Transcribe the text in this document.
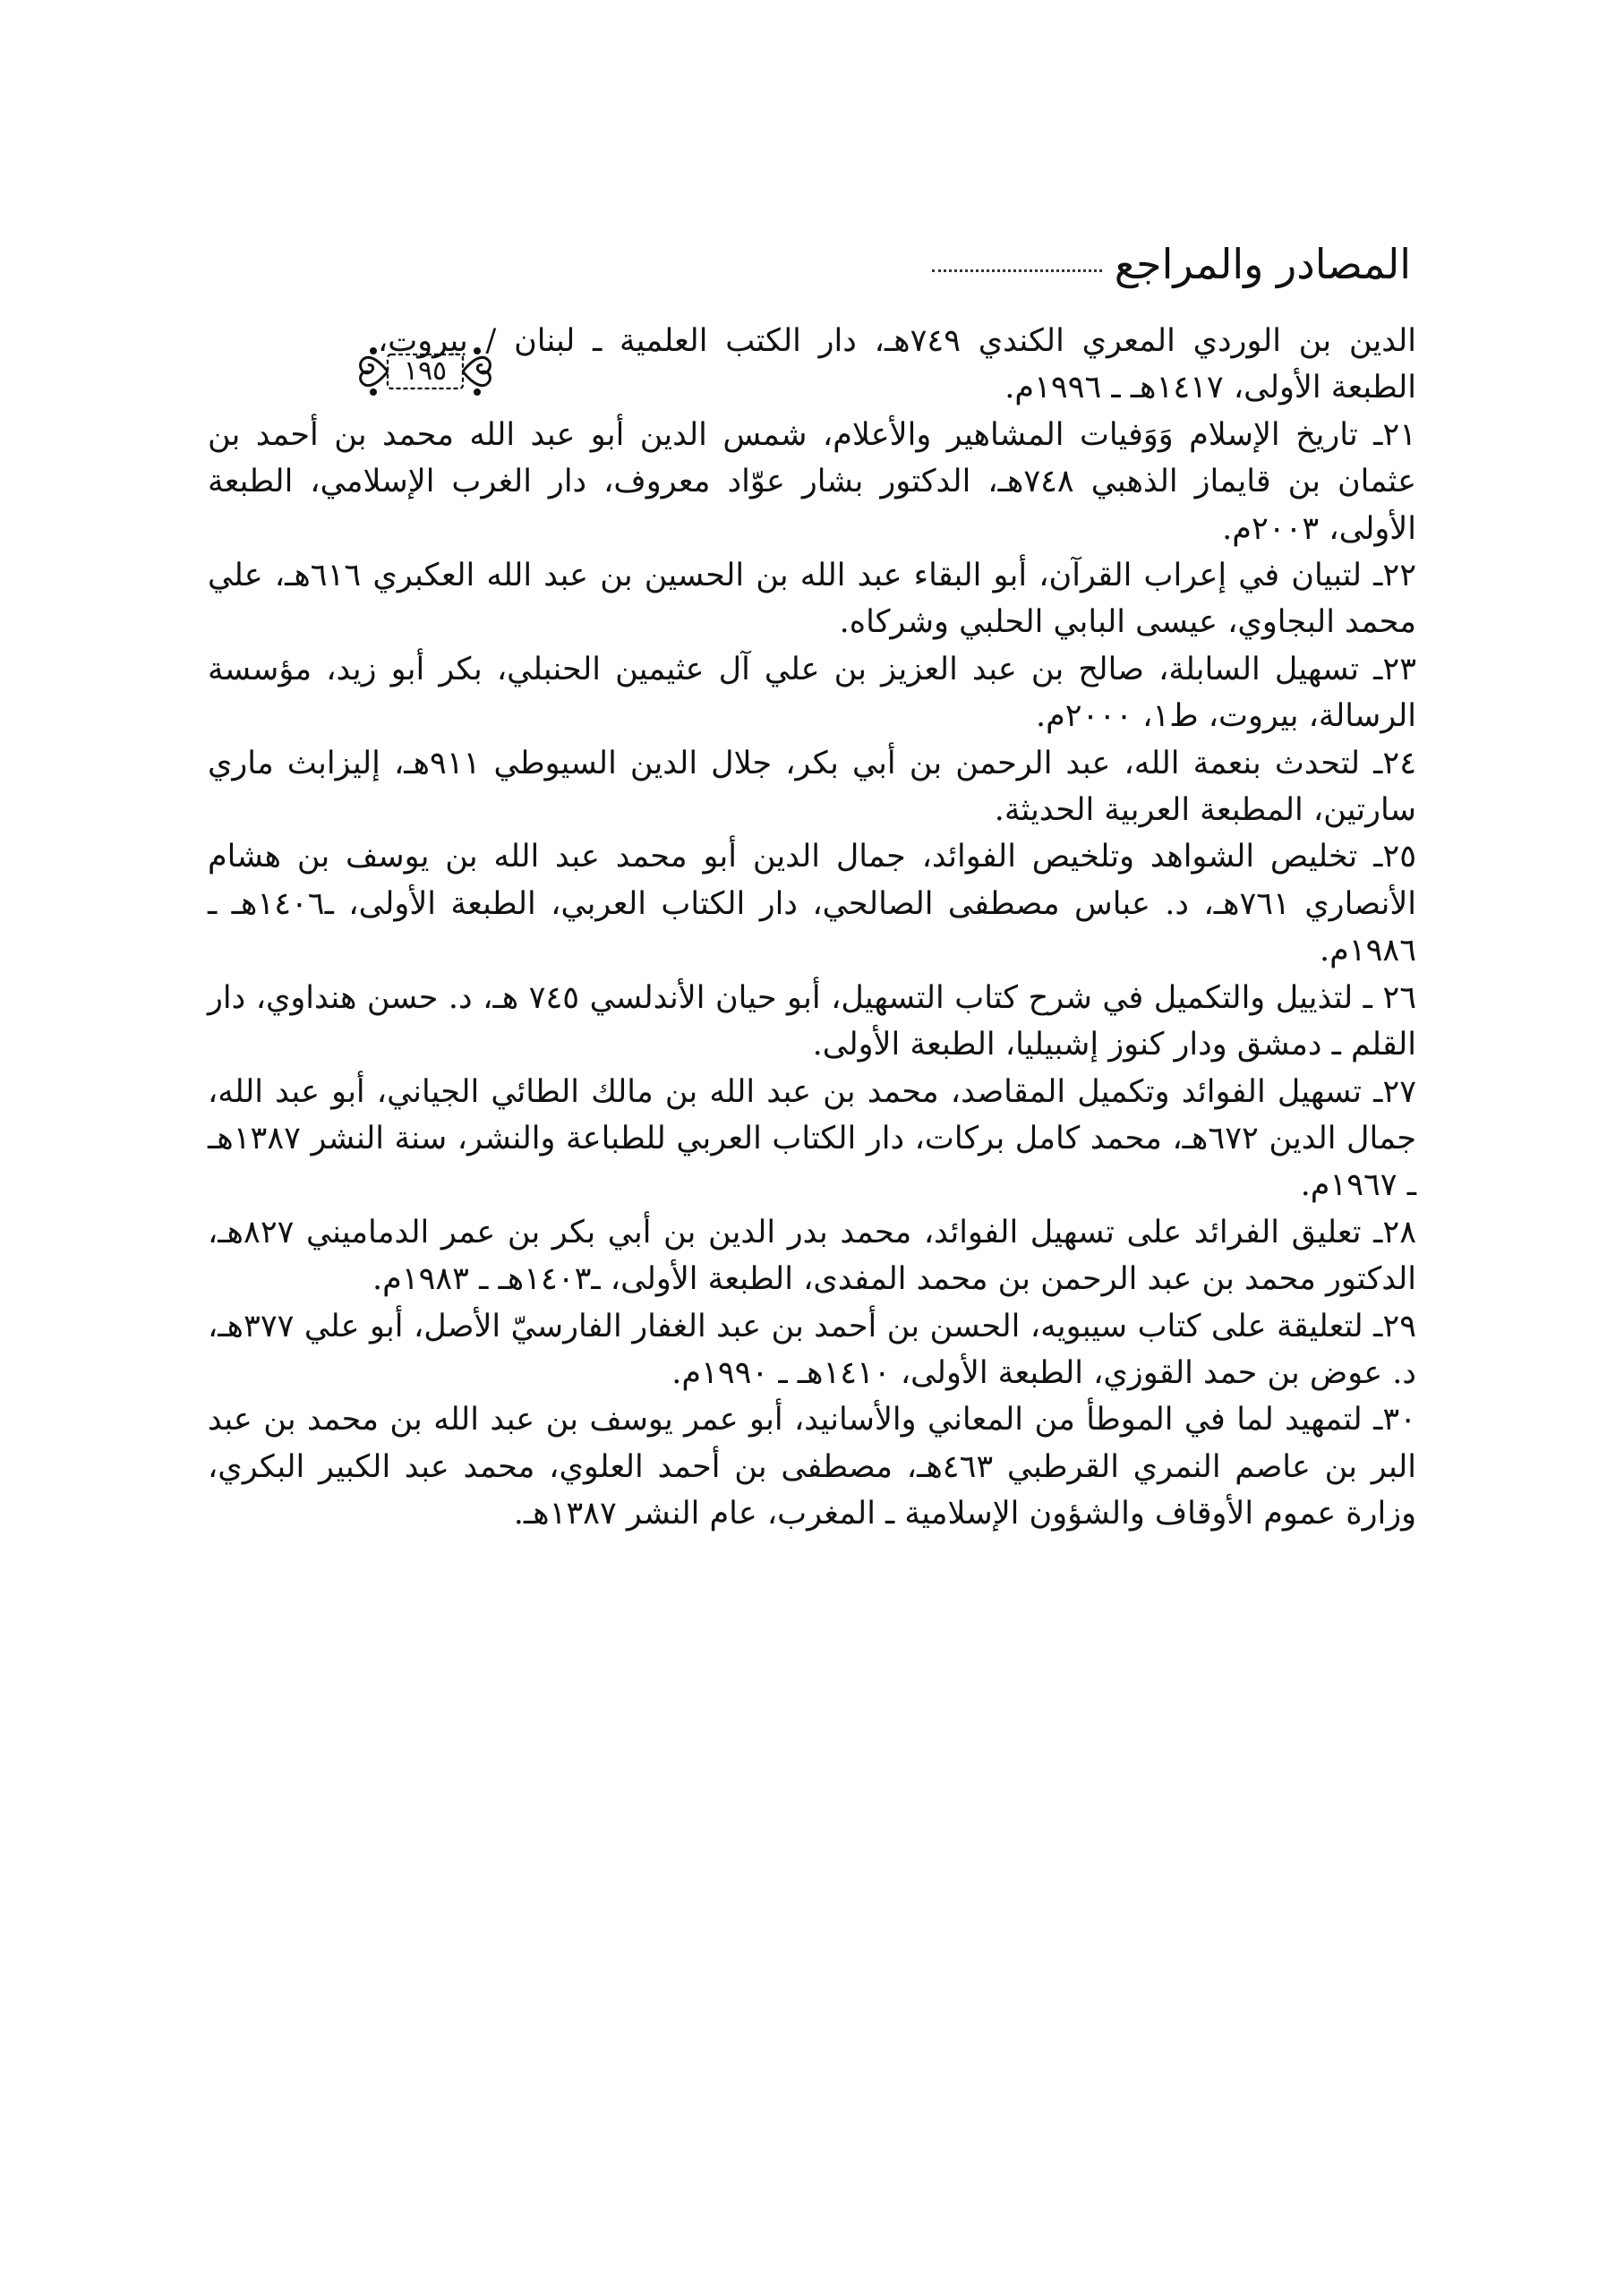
المصادر والمراجع
١٩٥

الدين بن الوردي المعري الكندي ٧٤٩هـ، دار الكتب العلمية ـ لبنان / بيروت، الطبعة الأولى، ١٤١٧هـ ـ ١٩٩٦م.

٢١ـ تاريخ الإسلام وَوَفيات المشاهير والأعلام، شمس الدين أبو عبد الله محمد بن أحمد بن عثمان بن قايماز الذهبي ٧٤٨هـ، الدكتور بشار عوّاد معروف، دار الغرب الإسلامي، الطبعة الأولى، ٢٠٠٣م.

٢٢ـ لتبيان في إعراب القرآن، أبو البقاء عبد الله بن الحسين بن عبد الله العكبري ٦١٦هـ، علي محمد البجاوي، عيسى البابي الحلبي وشركاه.

٢٣ـ تسهيل السابلة، صالح بن عبد العزيز بن علي آل عثيمين الحنبلي، بكر أبو زيد، مؤسسة الرسالة، بيروت، ط١، ٢٠٠٠م.

٢٤ـ لتحدث بنعمة الله، عبد الرحمن بن أبي بكر، جلال الدين السيوطي ٩١١هـ، إليزابث ماري سارتين، المطبعة العربية الحديثة.

٢٥ـ تخليص الشواهد وتلخيص الفوائد، جمال الدين أبو محمد عبد الله بن يوسف بن هشام الأنصاري ٧٦١هـ، د. عباس مصطفى الصالحي، دار الكتاب العربي، الطبعة الأولى، ـ١٤٠٦هـ ـ ١٩٨٦م.

٢٦ ـ لتذييل والتكميل في شرح كتاب التسهيل، أبو حيان الأندلسي ٧٤٥ هـ، د. حسن هنداوي، دار القلم ـ دمشق ودار كنوز إشبيليا، الطبعة الأولى.

٢٧ـ تسهيل الفوائد وتكميل المقاصد، محمد بن عبد الله بن مالك الطائي الجياني، أبو عبد الله، جمال الدين ٦٧٢هـ، محمد كامل بركات، دار الكتاب العربي للطباعة والنشر، سنة النشر ١٣٨٧هـ ـ ١٩٦٧م.

٢٨ـ تعليق الفرائد على تسهيل الفوائد، محمد بدر الدين بن أبي بكر بن عمر الدماميني ٨٢٧هـ، الدكتور محمد بن عبد الرحمن بن محمد المفدى، الطبعة الأولى، ـ١٤٠٣هـ ـ ١٩٨٣م.

٢٩ـ لتعليقة على كتاب سيبويه، الحسن بن أحمد بن عبد الغفار الفارسيّ الأصل، أبو علي ٣٧٧هـ، د. عوض بن حمد القوزي، الطبعة الأولى، ١٤١٠هـ ـ ١٩٩٠م.

٣٠ـ لتمهيد لما في الموطأ من المعاني والأسانيد، أبو عمر يوسف بن عبد الله بن محمد بن عبد البر بن عاصم النمري القرطبي ٤٦٣هـ، مصطفى بن أحمد العلوي، محمد عبد الكبير البكري، وزارة عموم الأوقاف والشؤون الإسلامية ـ المغرب، عام النشر ١٣٨٧هـ.
